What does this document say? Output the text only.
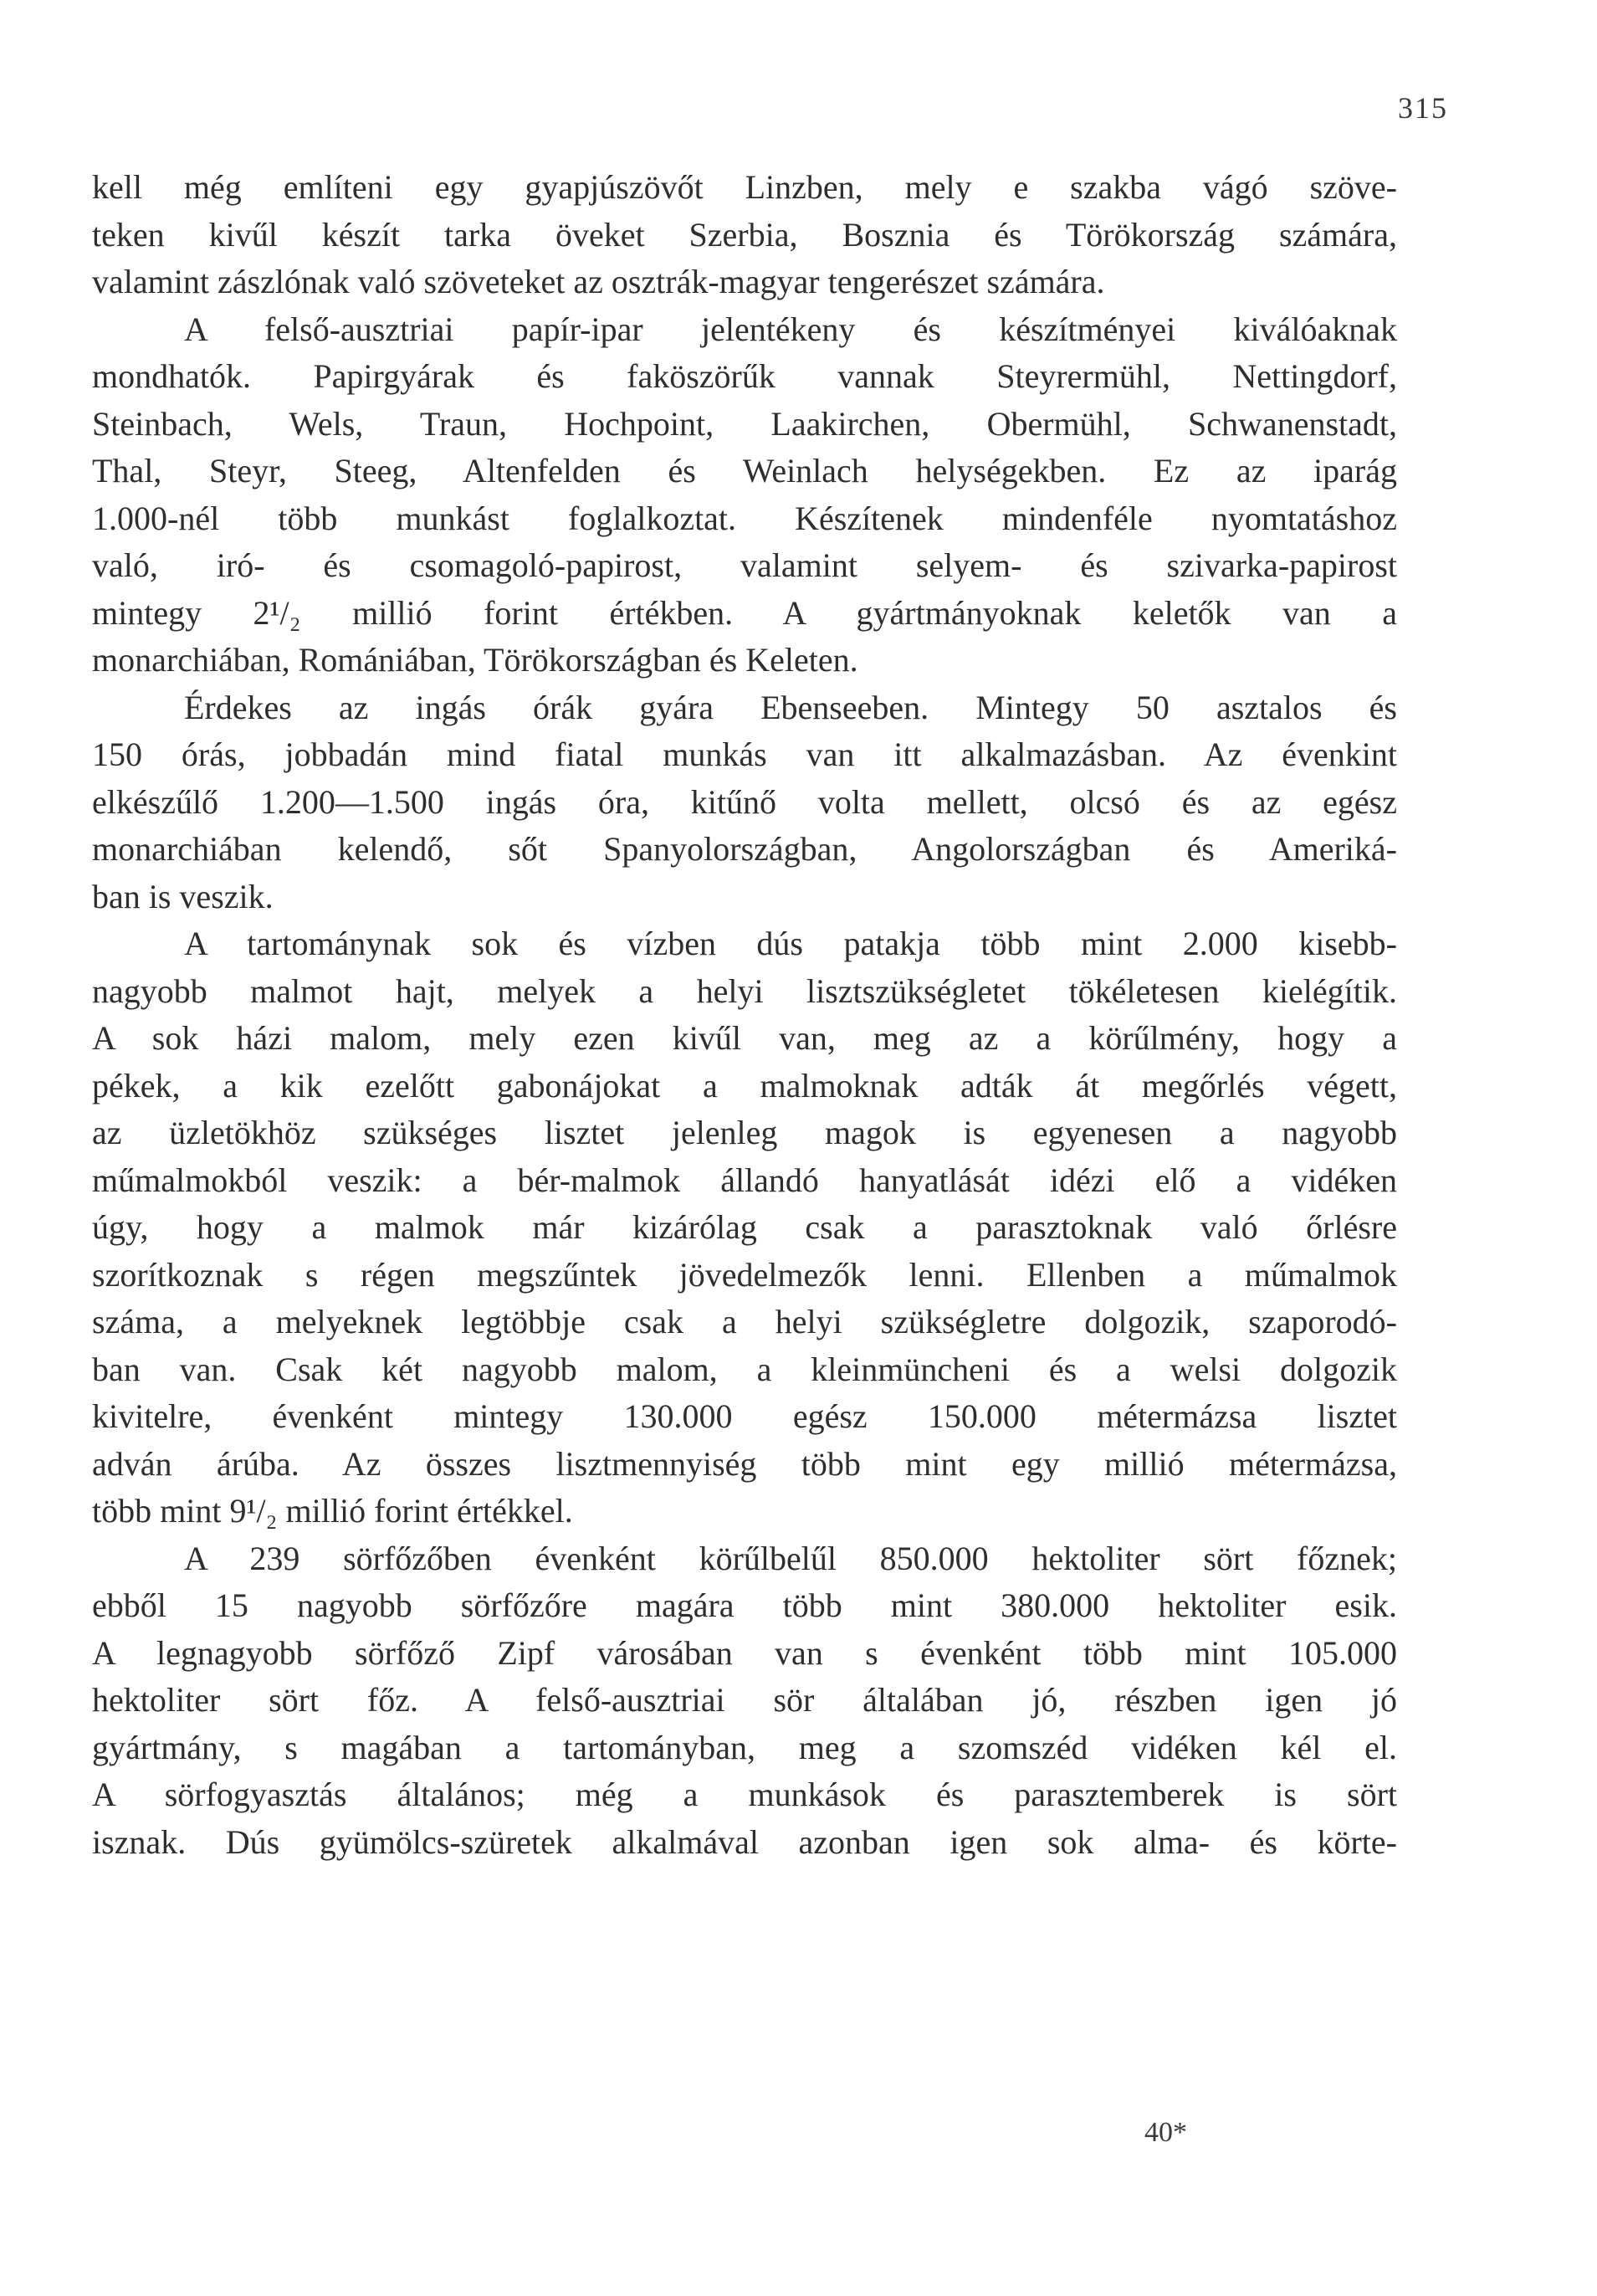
315
kell még említeni egy gyapjúszövőt Linzben, mely e szakba vágó szöve-
teken kivűl készít tarka öveket Szerbia, Bosznia és Törökország számára,
valamint zászlónak való szöveteket az osztrák-magyar tengerészet számára.
A felső-ausztriai papír-ipar jelentékeny és készítményei kiválóaknak
mondhatók. Papirgyárak és faköszörűk vannak Steyrermühl, Nettingdorf,
Steinbach, Wels, Traun, Hochpoint, Laakirchen, Obermühl, Schwanenstadt,
Thal, Steyr, Steeg, Altenfelden és Weinlach helységekben. Ez az iparág
1.000-nél több munkást foglalkoztat. Készítenek mindenféle nyomtatáshoz
való, iró- és csomagoló-papirost, valamint selyem- és szivarka-papirost
mintegy 2¹/₂ millió forint értékben. A gyártmányoknak keletők van a
monarchiában, Romániában, Törökországban és Keleten.
Érdekes az ingás órák gyára Ebenseeben. Mintegy 50 asztalos és
150 órás, jobbadán mind fiatal munkás van itt alkalmazásban. Az évenkint
elkészűlő 1.200—1.500 ingás óra, kitűnő volta mellett, olcsó és az egész
monarchiában kelendő, sőt Spanyolországban, Angolországban és Ameriká-
ban is veszik.
A tartománynak sok és vízben dús patakja több mint 2.000 kisebb-
nagyobb malmot hajt, melyek a helyi lisztszükségletet tökéletesen kielégítik.
A sok házi malom, mely ezen kivűl van, meg az a körűlmény, hogy a
pékek, a kik ezelőtt gabonájokat a malmoknak adták át megőrlés végett,
az üzletökhöz szükséges lisztet jelenleg magok is egyenesen a nagyobb
műmalmokból veszik: a bér-malmok állandó hanyatlását idézi elő a vidéken
úgy, hogy a malmok már kizárólag csak a parasztoknak való őrlésre
szorítkoznak s régen megszűntek jövedelmezők lenni. Ellenben a műmalmok
száma, a melyeknek legtöbbje csak a helyi szükségletre dolgozik, szaporodó-
ban van. Csak két nagyobb malom, a kleinmüncheni és a welsi dolgozik
kivitelre, évenként mintegy 130.000 egész 150.000 métermázsa lisztet
adván árúba. Az összes lisztmennyiség több mint egy millió métermázsa,
több mint 9¹/₂ millió forint értékkel.
A 239 sörfőzőben évenként körűlbelűl 850.000 hektoliter sört főznek;
ebből 15 nagyobb sörfőzőre magára több mint 380.000 hektoliter esik.
A legnagyobb sörfőző Zipf városában van s évenként több mint 105.000
hektoliter sört főz. A felső-ausztriai sör általában jó, részben igen jó
gyártmány, s magában a tartományban, meg a szomszéd vidéken kél el.
A sörfogyasztás általános; még a munkások és parasztemberek is sört
isznak. Dús gyümölcs-szüretek alkalmával azonban igen sok alma- és körte-
40*
